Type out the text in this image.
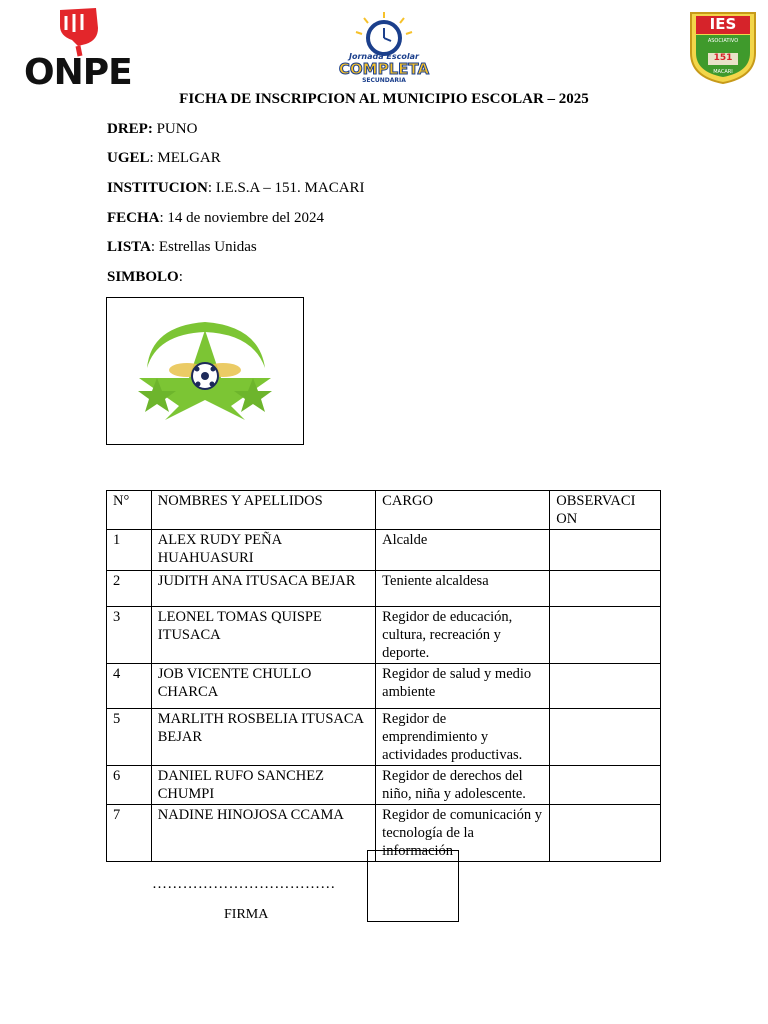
ONPE	Jornada Escolar
COMPLETA
SECUNDARIA
IES
ASOCIATIVO
151
MACARI
FICHA DE INSCRIPCION AL MUNICIPIO ESCOLAR – 2025
DREP: PUNO
UGEL: MELGAR
INSTITUCION: I.E.S.A – 151. MACARI
FECHA: 14 de noviembre del 2024
LISTA: Estrellas Unidas
SIMBOLO:
N°	NOMBRES Y APELLIDOS	CARGO	OBSERVACI ON
1	ALEX RUDY PEÑA HUAHUASURI	Alcalde	
2	JUDITH ANA ITUSACA BEJAR	Teniente alcaldesa	
3	LEONEL TOMAS QUISPE ITUSACA	Regidor de educación, cultura, recreación y deporte.	
4	JOB VICENTE CHULLO CHARCA	Regidor de salud y medio ambiente	
5	MARLITH ROSBELIA ITUSACA BEJAR	Regidor de emprendimiento y actividades productivas.	
6	DANIEL RUFO SANCHEZ CHUMPI	Regidor de derechos del niño, niña y adolescente.	
7	NADINE HINOJOSA CCAMA	Regidor de comunicación y tecnología de la información	
………………………………
FIRMA
